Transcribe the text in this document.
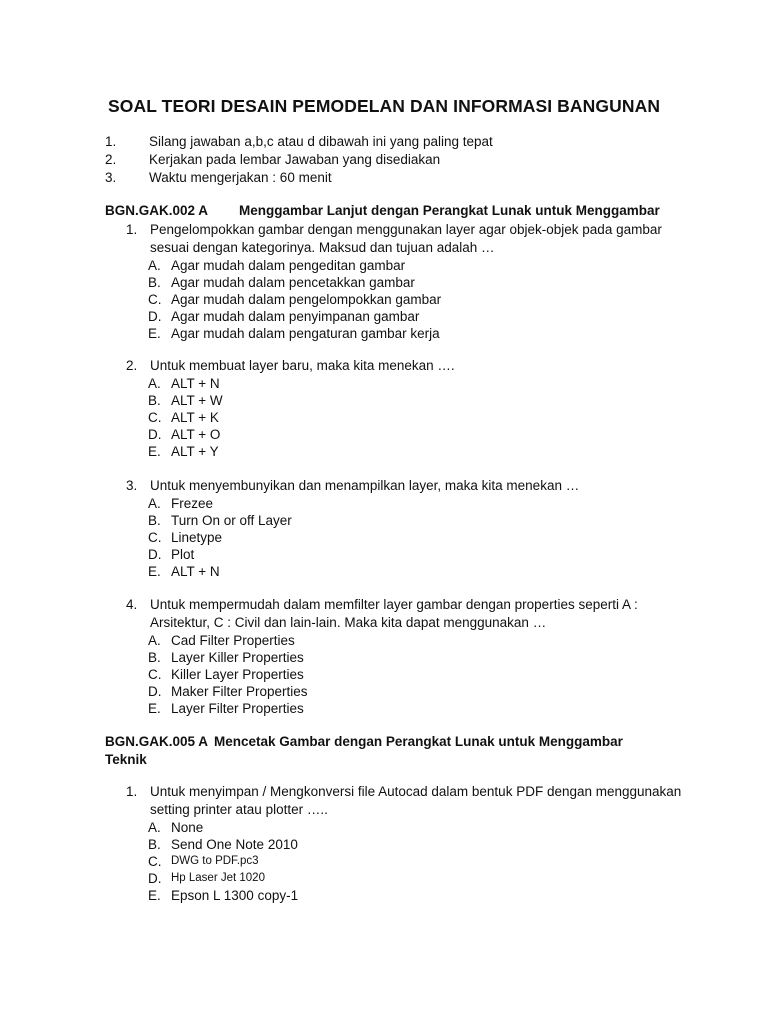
SOAL TEORI DESAIN PEMODELAN DAN INFORMASI BANGUNAN
1.	Silang jawaban a,b,c atau d dibawah ini yang paling tepat
2.	Kerjakan pada lembar Jawaban yang disediakan
3.	Waktu mengerjakan : 60 menit
BGN.GAK.002 A Menggambar Lanjut dengan Perangkat Lunak untuk Menggambar
1. Pengelompokkan gambar dengan menggunakan layer agar objek-objek pada gambar sesuai dengan kategorinya. Maksud dan tujuan adalah …
A. Agar mudah dalam pengeditan gambar
B. Agar mudah dalam pencetakkan gambar
C. Agar mudah dalam pengelompokkan gambar
D. Agar mudah dalam penyimpanan gambar
E. Agar mudah dalam pengaturan gambar kerja
2. Untuk membuat layer baru, maka kita menekan ….
A. ALT + N
B. ALT + W
C. ALT + K
D. ALT + O
E. ALT + Y
3. Untuk menyembunyikan dan menampilkan layer, maka kita menekan …
A. Frezee
B. Turn On or off Layer
C. Linetype
D. Plot
E. ALT + N
4. Untuk mempermudah dalam memfilter layer gambar dengan properties seperti A : Arsitektur, C : Civil dan lain-lain. Maka kita dapat menggunakan …
A. Cad Filter Properties
B. Layer Killer Properties
C. Killer Layer Properties
D. Maker Filter Properties
E. Layer Filter Properties
BGN.GAK.005 A Mencetak Gambar dengan Perangkat Lunak untuk Menggambar Teknik
1. Untuk menyimpan / Mengkonversi file Autocad dalam bentuk PDF dengan menggunakan setting printer atau plotter …..
A. None
B. Send One Note 2010
C. DWG to PDF.pc3
D. Hp Laser Jet 1020
E. Epson L 1300 copy-1
